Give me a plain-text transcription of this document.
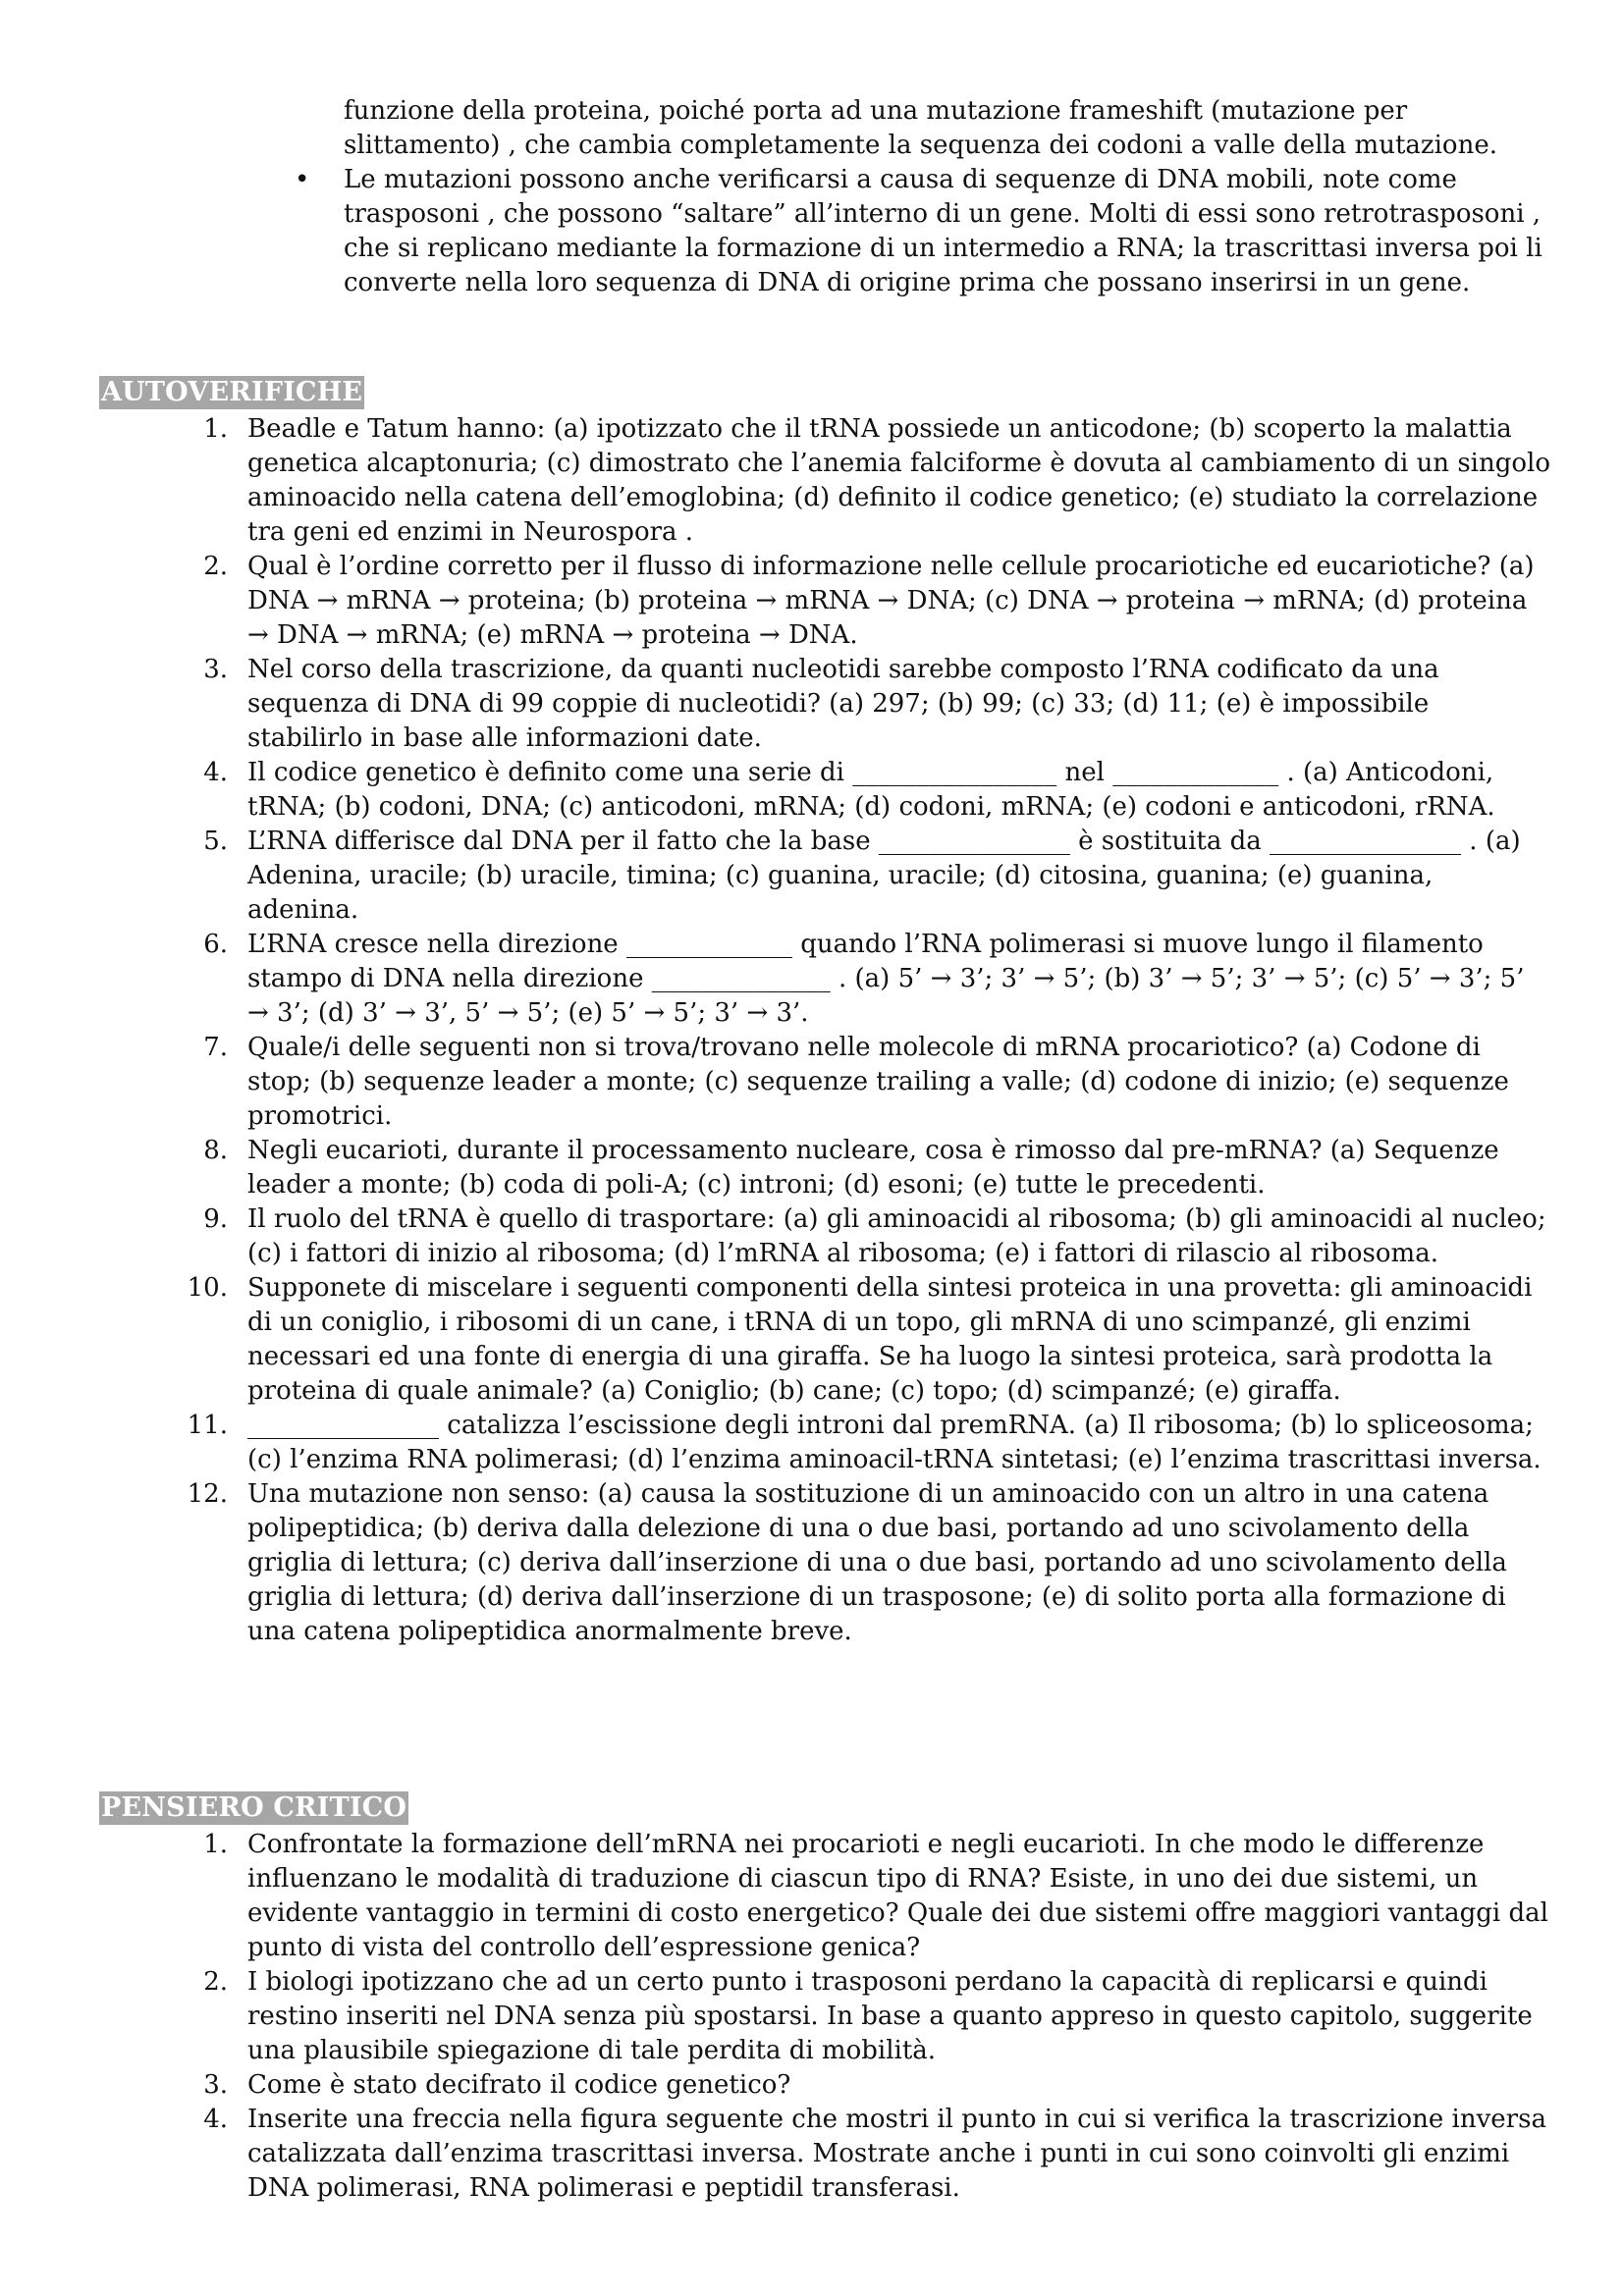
funzione della proteina, poiché porta ad una mutazione frameshift (mutazione per slittamento) , che cambia completamente la sequenza dei codoni a valle della mutazione.
• Le mutazioni possono anche verificarsi a causa di sequenze di DNA mobili, note come trasposoni , che possono “saltare” all’interno di un gene. Molti di essi sono retrotrasposoni , che si replicano mediante la formazione di un intermedio a RNA; la trascrittasi inversa poi li converte nella loro sequenza di DNA di origine prima che possano inserirsi in un gene.
AUTOVERIFICHE
1. Beadle e Tatum hanno: (a) ipotizzato che il tRNA possiede un anticodone; (b) scoperto la malattia genetica alcaptonuria; (c) dimostrato che l’anemia falciforme è dovuta al cambiamento di un singolo aminoacido nella catena dell’emoglobina; (d) definito il codice genetico; (e) studiato la correlazione tra geni ed enzimi in Neurospora .
2. Qual è l’ordine corretto per il flusso di informazione nelle cellule procariotiche ed eucariotiche? (a) DNA → mRNA → proteina; (b) proteina → mRNA → DNA; (c) DNA → proteina → mRNA; (d) proteina → DNA → mRNA; (e) mRNA → proteina → DNA.
3. Nel corso della trascrizione, da quanti nucleotidi sarebbe composto l’RNA codificato da una sequenza di DNA di 99 coppie di nucleotidi? (a) 297; (b) 99; (c) 33; (d) 11; (e) è impossibile stabilirlo in base alle informazioni date.
4. Il codice genetico è definito come una serie di ________________ nel _____________ . (a) Anticodoni, tRNA; (b) codoni, DNA; (c) anticodoni, mRNA; (d) codoni, mRNA; (e) codoni e anticodoni, rRNA.
5. L’RNA differisce dal DNA per il fatto che la base _______________ è sostituita da _______________ . (a) Adenina, uracile; (b) uracile, timina; (c) guanina, uracile; (d) citosina, guanina; (e) guanina, adenina.
6. L’RNA cresce nella direzione _____________ quando l’RNA polimerasi si muove lungo il filamento stampo di DNA nella direzione ______________ . (a) 5’ → 3’; 3’ → 5’; (b) 3’ → 5’; 3’ → 5’; (c) 5’ → 3’; 5’ → 3’; (d) 3’ → 3’, 5’ → 5’; (e) 5’ → 5’; 3’ → 3’.
7. Quale/i delle seguenti non si trova/trovano nelle molecole di mRNA procariotico? (a) Codone di stop; (b) sequenze leader a monte; (c) sequenze trailing a valle; (d) codone di inizio; (e) sequenze promotrici.
8. Negli eucarioti, durante il processamento nucleare, cosa è rimosso dal pre-mRNA? (a) Sequenze leader a monte; (b) coda di poli-A; (c) introni; (d) esoni; (e) tutte le precedenti.
9. Il ruolo del tRNA è quello di trasportare: (a) gli aminoacidi al ribosoma; (b) gli aminoacidi al nucleo; (c) i fattori di inizio al ribosoma; (d) l’mRNA al ribosoma; (e) i fattori di rilascio al ribosoma.
10. Supponete di miscelare i seguenti componenti della sintesi proteica in una provetta: gli aminoacidi di un coniglio, i ribosomi di un cane, i tRNA di un topo, gli mRNA di uno scimpanzé, gli enzimi necessari ed una fonte di energia di una giraffa. Se ha luogo la sintesi proteica, sarà prodotta la proteina di quale animale? (a) Coniglio; (b) cane; (c) topo; (d) scimpanzé; (e) giraffa.
11. _______________ catalizza l’escissione degli introni dal premRNA. (a) Il ribosoma; (b) lo spliceosoma; (c) l’enzima RNA polimerasi; (d) l’enzima aminoacil-tRNA sintetasi; (e) l’enzima trascrittasi inversa.
12. Una mutazione non senso: (a) causa la sostituzione di un aminoacido con un altro in una catena polipeptidica; (b) deriva dalla delezione di una o due basi, portando ad uno scivolamento della griglia di lettura; (c) deriva dall’inserzione di una o due basi, portando ad uno scivolamento della griglia di lettura; (d) deriva dall’inserzione di un trasposone; (e) di solito porta alla formazione di una catena polipeptidica anormalmente breve.
PENSIERO CRITICO
1. Confrontate la formazione dell’mRNA nei procarioti e negli eucarioti. In che modo le differenze influenzano le modalità di traduzione di ciascun tipo di RNA? Esiste, in uno dei due sistemi, un evidente vantaggio in termini di costo energetico? Quale dei due sistemi offre maggiori vantaggi dal punto di vista del controllo dell’espressione genica?
2. I biologi ipotizzano che ad un certo punto i trasposoni perdano la capacità di replicarsi e quindi restino inseriti nel DNA senza più spostarsi. In base a quanto appreso in questo capitolo, suggerite una plausibile spiegazione di tale perdita di mobilità.
3. Come è stato decifrato il codice genetico?
4. Inserite una freccia nella figura seguente che mostri il punto in cui si verifica la trascrizione inversa catalizzata dall’enzima trascrittasi inversa. Mostrate anche i punti in cui sono coinvolti gli enzimi DNA polimerasi, RNA polimerasi e peptidil transferasi.
